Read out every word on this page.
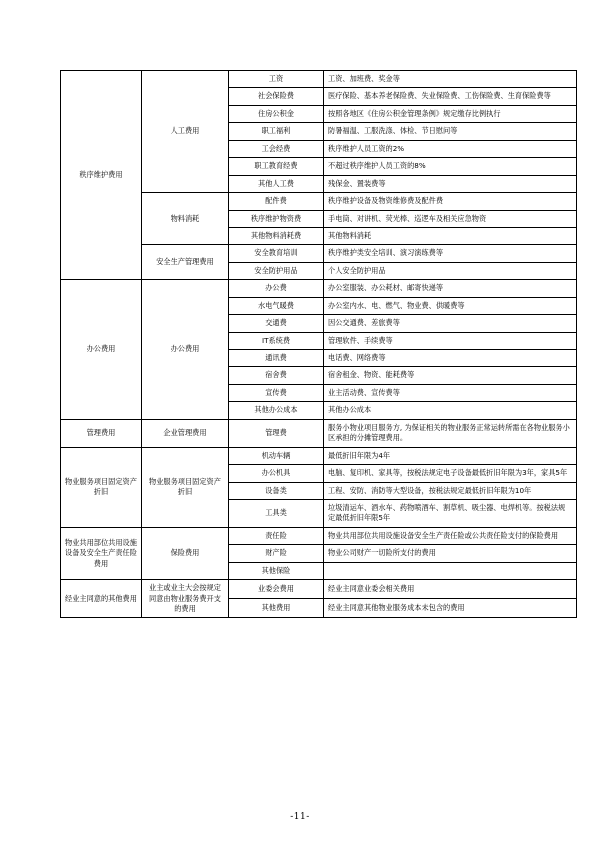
秩序维护费用	人工费用	工资	工资、加班费、奖金等
		社会保险费	医疗保险、基本养老保险费、失业保险费、工伤保险费、生育保险费等
		住房公积金	按照各地区《住房公积金管理条例》规定缴存比例执行
		职工福利	防暑福温、工服洗涤、体检、节日慰问等
		工会经费	秩序维护人员工资的2%
		职工教育经费	不超过秩序维护人员工资的8%
		其他人工费	残保金、置装费等
	物料消耗	配件费	秩序维护设备及物资维修费及配件费
		秩序维护物资费	手电筒、对讲机、荧光棒、巡逻车及相关应急物资
		其他物料消耗费	其他物料消耗
	安全生产管理费用	安全教育培训	秩序维护类安全培训、演习演练费等
		安全防护用品	个人安全防护用品
办公费用	办公费用	办公费	办公室服装、办公耗材、邮寄快递等
		水电气暖费	办公室内水、电、燃气、物业费、供暖费等
		交通费	因公交通费、差旅费等
		IT系统费	管理软件、手续费等
		通讯费	电话费、网络费等
		宿舍费	宿舍租金、物资、能耗费等
		宣传费	业主活动费、宣传费等
		其他办公成本	其他办公成本
管理费用	企业管理费用	管理费	服务小物业项目服务方, 为保证相关的物业服务正常运转所需在各物业服务小区承担的分摊管理费用。
物业服务项目固定资产折旧	物业服务项目固定资产折旧	机动车辆	最低折旧年限为4年
		办公机具	电脑、复印机、家具等，按税法规定电子设备最低折旧年限为3年，家具5年
		设备类	工程、安防、消防等大型设备，按税法规定最低折旧年限为10年
		工具类	垃圾清运车、酒水车、药物喷酒车、割草机、吸尘器、电焊机等。按税法规定最低折旧年限5年
物业共用部位共用设施设备及安全生产责任险费用	保险费用	责任险	物业共用部位共用设施设备安全生产责任险或公共责任险支付的保险费用
		财产险	物业公司财产一切险所支付的费用
		其他保险	
经业主同意的其他费用	业主或业主大会按规定同意由物业服务费开支的费用	业委会费用	经业主同意业委会相关费用
		其他费用	经业主同意其他物业服务成本未包含的费用
-11-
